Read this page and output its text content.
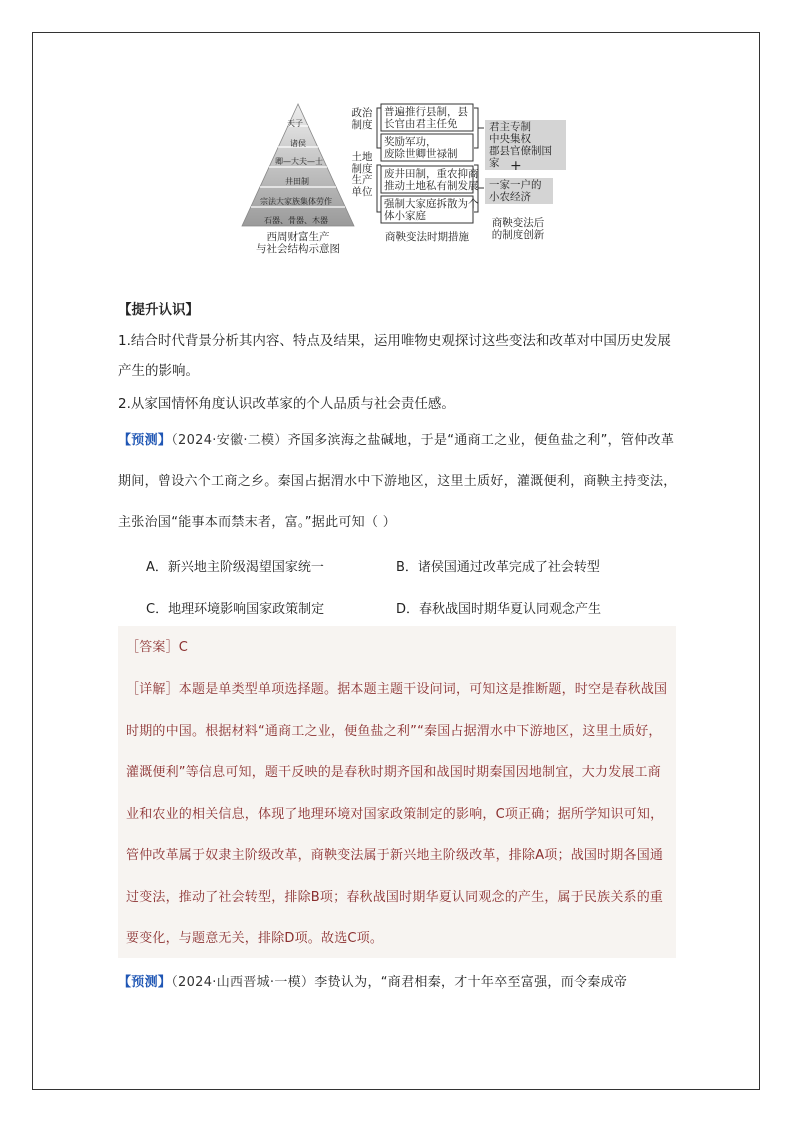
天子
诸侯
卿—大夫—士
井田制
宗法大家族集体劳作
石器、骨器、木器
西周财富生产
与社会结构示意图
政治
制度
土地
制度
生产
单位
普遍推行县制，县
长官由君主任免
奖励军功，
废除世卿世禄制
废井田制，重农抑商
推动土地私有制发展
强制大家庭拆散为个
体小家庭
商鞅变法时期措施
君主专制
中央集权
郡县官僚制国家 +
一家一户的
小农经济
商鞅变法后
的制度创新
【提升认识】
1.结合时代背景分析其内容、特点及结果，运用唯物史观探讨这些变法和改革对中国历史发展产生的影响。
2.从家国情怀角度认识改革家的个人品质与社会责任感。
【预测】（2024·安徽·二模）齐国多滨海之盐碱地，于是“通商工之业，便鱼盐之利”，管仲改革期间，曾设六个工商之乡。秦国占据渭水中下游地区，这里土质好，灌溉便利，商鞅主持变法，主张治国“能事本而禁末者，富。”据此可知（ ）
A．新兴地主阶级渴望国家统一	B．诸侯国通过改革完成了社会转型
C．地理环境影响国家政策制定	D．春秋战国时期华夏认同观念产生
［答案］C
［详解］本题是单类型单项选择题。据本题主题干设问词，可知这是推断题，时空是春秋战国时期的中国。根据材料“通商工之业，便鱼盐之利”“秦国占据渭水中下游地区，这里土质好，灌溉便利”等信息可知，题干反映的是春秋时期齐国和战国时期秦国因地制宜，大力发展工商业和农业的相关信息，体现了地理环境对国家政策制定的影响，C项正确；据所学知识可知，管仲改革属于奴隶主阶级改革，商鞅变法属于新兴地主阶级改革，排除A项；战国时期各国通过变法，推动了社会转型，排除B项；春秋战国时期华夏认同观念的产生，属于民族关系的重要变化，与题意无关，排除D项。故选C项。
【预测】（2024·山西晋城·一模）李贽认为，“商君相秦，才十年卒至富强，而令秦成帝
